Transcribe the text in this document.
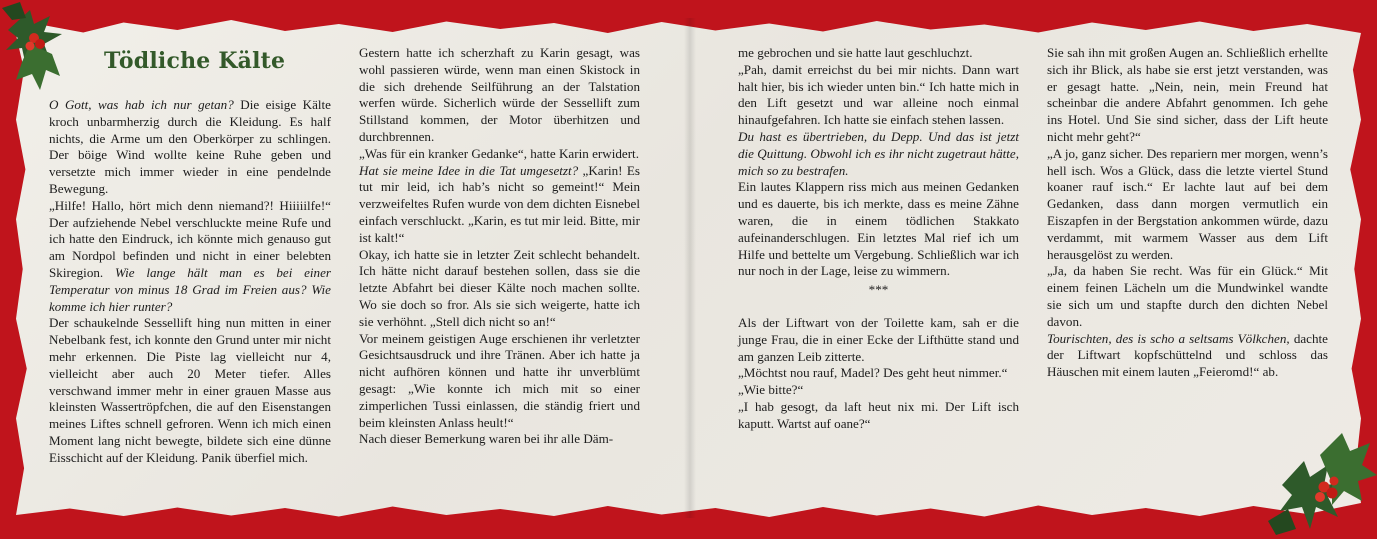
Tödliche Kälte

O Gott, was hab ich nur getan? Die eisige Kälte kroch unbarmherzig durch die Kleidung. Es half nichts, die Arme um den Oberkörper zu schlingen. Der böige Wind wollte keine Ruhe geben und versetzte mich immer wieder in eine pendelnde Bewegung.

„Hilfe! Hallo, hört mich denn niemand?! Hiiiiilfe!“ Der aufziehende Nebel verschluckte meine Rufe und ich hatte den Eindruck, ich könnte mich genauso gut am Nordpol befinden und nicht in einer belebten Skiregion. Wie lange hält man es bei einer Temperatur von minus 18 Grad im Freien aus? Wie komme ich hier runter?

Der schaukelnde Sessellift hing nun mitten in einer Nebelbank fest, ich konnte den Grund unter mir nicht mehr erkennen. Die Piste lag vielleicht nur 4, vielleicht aber auch 20 Meter tiefer. Alles verschwand immer mehr in einer grauen Masse aus kleinsten Wassertröpfchen, die auf den Eisenstangen meines Liftes schnell gefroren. Wenn ich mich einen Moment lang nicht bewegte, bildete sich eine dünne Eisschicht auf der Kleidung. Panik überfiel mich.

Gestern hatte ich scherzhaft zu Karin gesagt, was wohl passieren würde, wenn man einen Skistock in die sich drehende Seilführung an der Talstation werfen würde. Sicherlich würde der Sessellift zum Stillstand kommen, der Motor überhitzen und durchbrennen.

„Was für ein kranker Gedanke“, hatte Karin erwidert.

Hat sie meine Idee in die Tat umgesetzt? „Karin! Es tut mir leid, ich hab’s nicht so gemeint!“ Mein verzweifeltes Rufen wurde von dem dichten Eisnebel einfach verschluckt. „Karin, es tut mir leid. Bitte, mir ist kalt!“

Okay, ich hatte sie in letzter Zeit schlecht behandelt. Ich hätte nicht darauf bestehen sollen, dass sie die letzte Abfahrt bei dieser Kälte noch machen sollte. Wo sie doch so fror. Als sie sich weigerte, hatte ich sie verhöhnt. „Stell dich nicht so an!“

Vor meinem geistigen Auge erschienen ihr verletzter Gesichtsausdruck und ihre Tränen. Aber ich hatte ja nicht aufhören können und hatte ihr unverblümt gesagt: „Wie konnte ich mich mit so einer zimperlichen Tussi einlassen, die ständig friert und beim kleinsten Anlass heult!“

Nach dieser Bemerkung waren bei ihr alle Däm-

me gebrochen und sie hatte laut geschluchzt.

„Pah, damit erreichst du bei mir nichts. Dann wart halt hier, bis ich wieder unten bin.“ Ich hatte mich in den Lift gesetzt und war alleine noch einmal hinaufgefahren. Ich hatte sie einfach stehen lassen.

Du hast es übertrieben, du Depp. Und das ist jetzt die Quittung. Obwohl ich es ihr nicht zugetraut hätte, mich so zu bestrafen.

Ein lautes Klappern riss mich aus meinen Gedanken und es dauerte, bis ich merkte, dass es meine Zähne waren, die in einem tödlichen Stakkato aufeinanderschlugen. Ein letztes Mal rief ich um Hilfe und bettelte um Vergebung. Schließlich war ich nur noch in der Lage, leise zu wimmern.

***

Als der Liftwart von der Toilette kam, sah er die junge Frau, die in einer Ecke der Lifthütte stand und am ganzen Leib zitterte.

„Möchtst nou rauf, Madel? Des geht heut nimmer.“

„Wie bitte?“

„I hab gesogt, da laft heut nix mi. Der Lift isch kaputt. Wartst auf oane?“

Sie sah ihn mit großen Augen an. Schließlich erhellte sich ihr Blick, als habe sie erst jetzt verstanden, was er gesagt hatte. „Nein, nein, mein Freund hat scheinbar die andere Abfahrt genommen. Ich gehe ins Hotel. Und Sie sind sicher, dass der Lift heute nicht mehr geht?“

„A jo, ganz sicher. Des repariern mer morgen, wenn’s hell isch. Wos a Glück, dass die letzte viertel Stund koaner rauf isch.“ Er lachte laut auf bei dem Gedanken, dass dann morgen vermutlich ein Eiszapfen in der Bergstation ankommen würde, dazu verdammt, mit warmem Wasser aus dem Lift herausgelöst zu werden.

„Ja, da haben Sie recht. Was für ein Glück.“ Mit einem feinen Lächeln um die Mundwinkel wandte sie sich um und stapfte durch den dichten Nebel davon.

Tourischten, des is scho a seltsams Völkchen, dachte der Liftwart kopfschüttelnd und schloss das Häuschen mit einem lauten „Feieromd!“ ab.
